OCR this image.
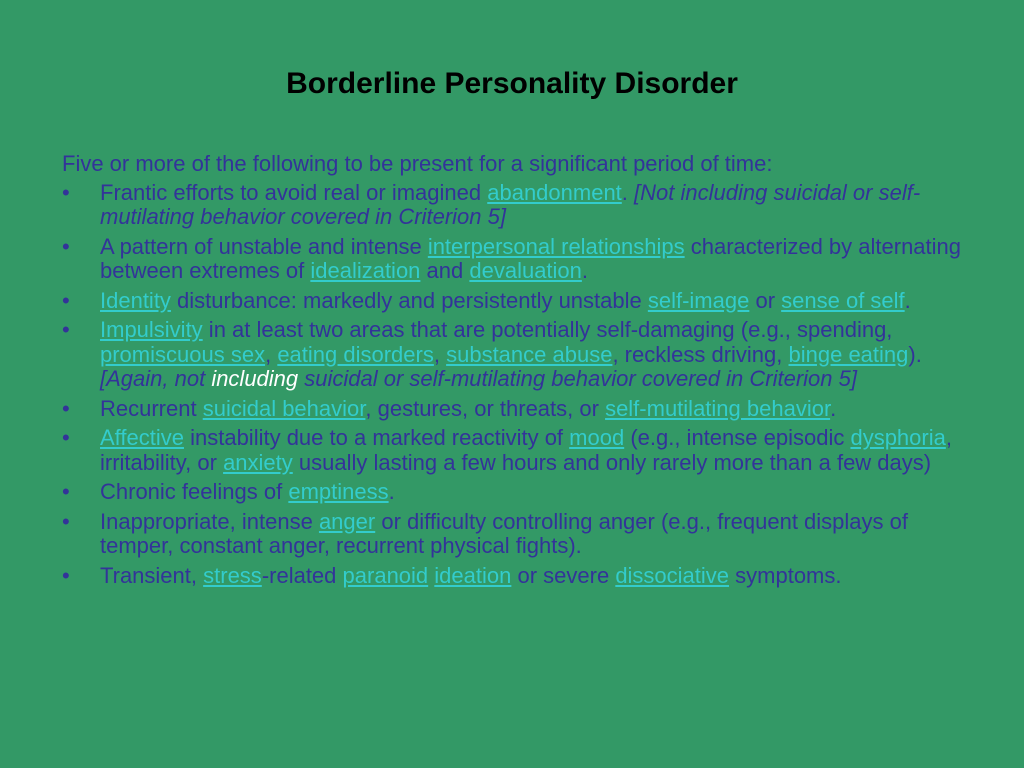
Borderline Personality Disorder

Five or more of the following to be present for a significant period of time:

• Frantic efforts to avoid real or imagined abandonment. [Not including suicidal or self-mutilating behavior covered in Criterion 5]
• A pattern of unstable and intense interpersonal relationships characterized by alternating between extremes of idealization and devaluation.
• Identity disturbance: markedly and persistently unstable self-image or sense of self.
• Impulsivity in at least two areas that are potentially self-damaging (e.g., spending, promiscuous sex, eating disorders, substance abuse, reckless driving, binge eating). [Again, not including suicidal or self-mutilating behavior covered in Criterion 5]
• Recurrent suicidal behavior, gestures, or threats, or self-mutilating behavior.
• Affective instability due to a marked reactivity of mood (e.g., intense episodic dysphoria, irritability, or anxiety usually lasting a few hours and only rarely more than a few days)
• Chronic feelings of emptiness.
• Inappropriate, intense anger or difficulty controlling anger (e.g., frequent displays of temper, constant anger, recurrent physical fights).
• Transient, stress-related paranoid ideation or severe dissociative symptoms.
